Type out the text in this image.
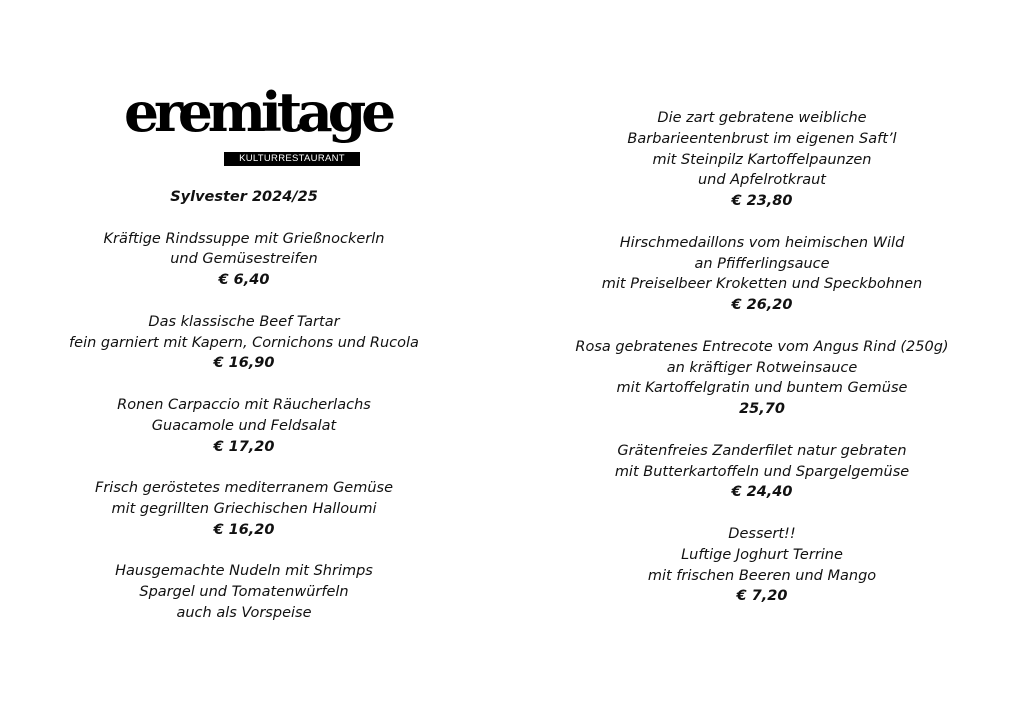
eremitage
KULTURRESTAURANT
Sylvester 2024/25
Kräftige Rindssuppe mit Grießnockerln
und Gemüsestreifen
€ 6,40
Das klassische Beef Tartar
fein garniert mit Kapern, Cornichons und Rucola
€ 16,90
Ronen Carpaccio mit Räucherlachs
Guacamole und Feldsalat
€ 17,20
Frisch geröstetes mediterranem Gemüse
mit gegrillten Griechischen Halloumi
€ 16,20
Hausgemachte Nudeln mit Shrimps
Spargel und Tomatenwürfeln
auch als Vorspeise
Die zart gebratene weibliche
Barbarieentenbrust im eigenen Saft’l
mit Steinpilz Kartoffelpaunzen
und Apfelrotkraut
€ 23,80
Hirschmedaillons vom heimischen Wild
an Pfifferlingsauce
mit Preiselbeer Kroketten und Speckbohnen
€ 26,20
Rosa gebratenes Entrecote vom Angus Rind (250g)
an kräftiger Rotweinsauce
mit Kartoffelgratin und buntem Gemüse
25,70
Grätenfreies Zanderfilet natur gebraten
mit Butterkartoffeln und Spargelgemüse
€ 24,40
Dessert!!
Luftige Joghurt Terrine
mit frischen Beeren und Mango
€ 7,20
